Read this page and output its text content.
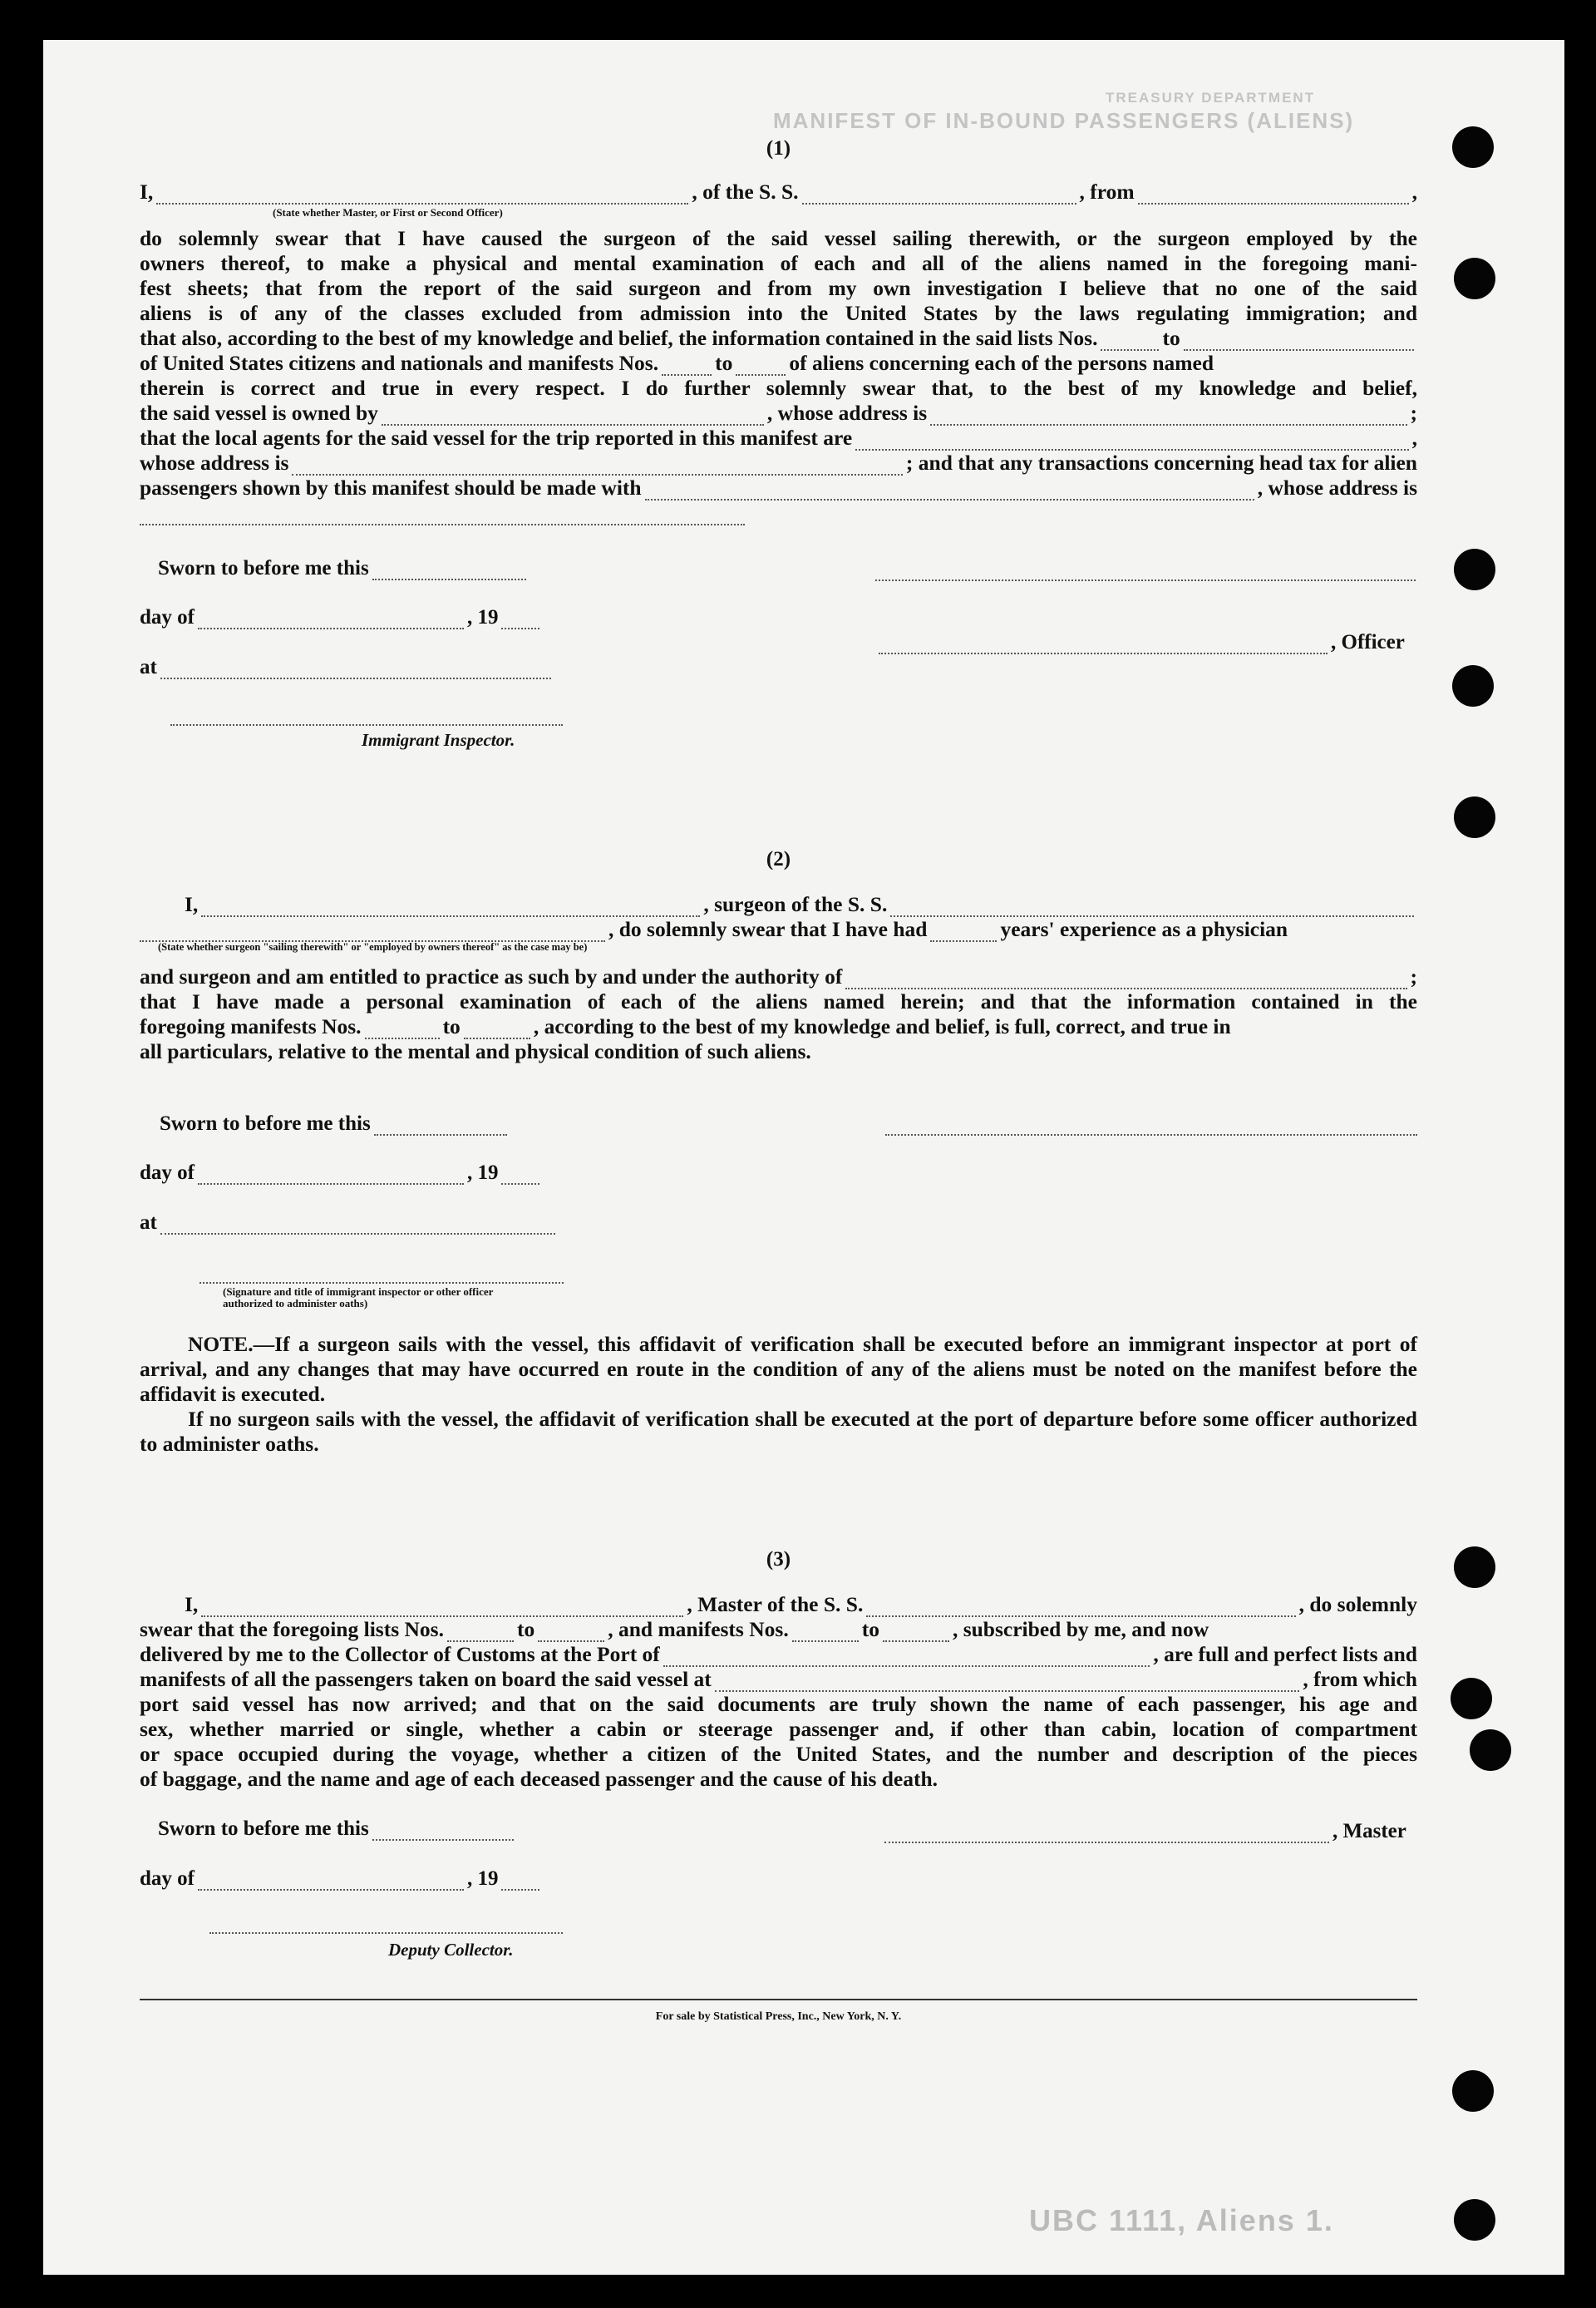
MANIFEST OF IN-BOUND PASSENGERS (ALIENS)
TREASURY DEPARTMENT
UBC 1111, Aliens 1.
(1)
I,	, of the S. S.	, from	,
(State whether Master, or First or Second Officer)
do solemnly swear that I have caused the surgeon of the said vessel sailing therewith, or the surgeon employed by the
owners thereof, to make a physical and mental examination of each and all of the aliens named in the foregoing mani-
fest sheets; that from the report of the said surgeon and from my own investigation I believe that no one of the said
aliens is of any of the classes excluded from admission into the United States by the laws regulating immigration; and
that also, according to the best of my knowledge and belief, the information contained in the said lists Nos.	to
of United States citizens and nationals and manifests Nos.	to	of aliens concerning each of the persons named
therein is correct and true in every respect. I do further solemnly swear that, to the best of my knowledge and belief,
the said vessel is owned by	, whose address is	;
that the local agents for the said vessel for the trip reported in this manifest are	,
whose address is	; and that any transactions concerning head tax for alien
passengers shown by this manifest should be made with	, whose address is
Sworn to before me this
day of	, 19
, Officer
at
Immigrant Inspector.
(2)
I,	, surgeon of the S. S.
, do solemnly swear that I have had	years' experience as a physician
(State whether surgeon "sailing therewith" or "employed by owners thereof" as the case may be)
and surgeon and am entitled to practice as such by and under the authority of	;
that I have made a personal examination of each of the aliens named herein; and that the information contained in the
foregoing manifests Nos.	to	, according to the best of my knowledge and belief, is full, correct, and true in
all particulars, relative to the mental and physical condition of such aliens.
Sworn to before me this
day of	, 19
at
(Signature and title of immigrant inspector or other officer authorized to administer oaths)

NOTE.—If a surgeon sails with the vessel, this affidavit of verification shall be executed before an immigrant inspector at port of arrival, and any changes that may have occurred en route in the condition of any of the aliens must be noted on the manifest before the affidavit is executed.

If no surgeon sails with the vessel, the affidavit of verification shall be executed at the port of departure before some officer authorized to administer oaths.

(3)
I,	, Master of the S. S.	, do solemnly
swear that the foregoing lists Nos.	to	, and manifests Nos.	to	, subscribed by me, and now
delivered by me to the Collector of Customs at the Port of	, are full and perfect lists and
manifests of all the passengers taken on board the said vessel at	, from which
port said vessel has now arrived; and that on the said documents are truly shown the name of each passenger, his age and
sex, whether married or single, whether a cabin or steerage passenger and, if other than cabin, location of compartment
or space occupied during the voyage, whether a citizen of the United States, and the number and description of the pieces
of baggage, and the name and age of each deceased passenger and the cause of his death.
Sworn to before me this	, Master
day of	, 19
Deputy Collector.
For sale by Statistical Press, Inc., New York, N. Y.
